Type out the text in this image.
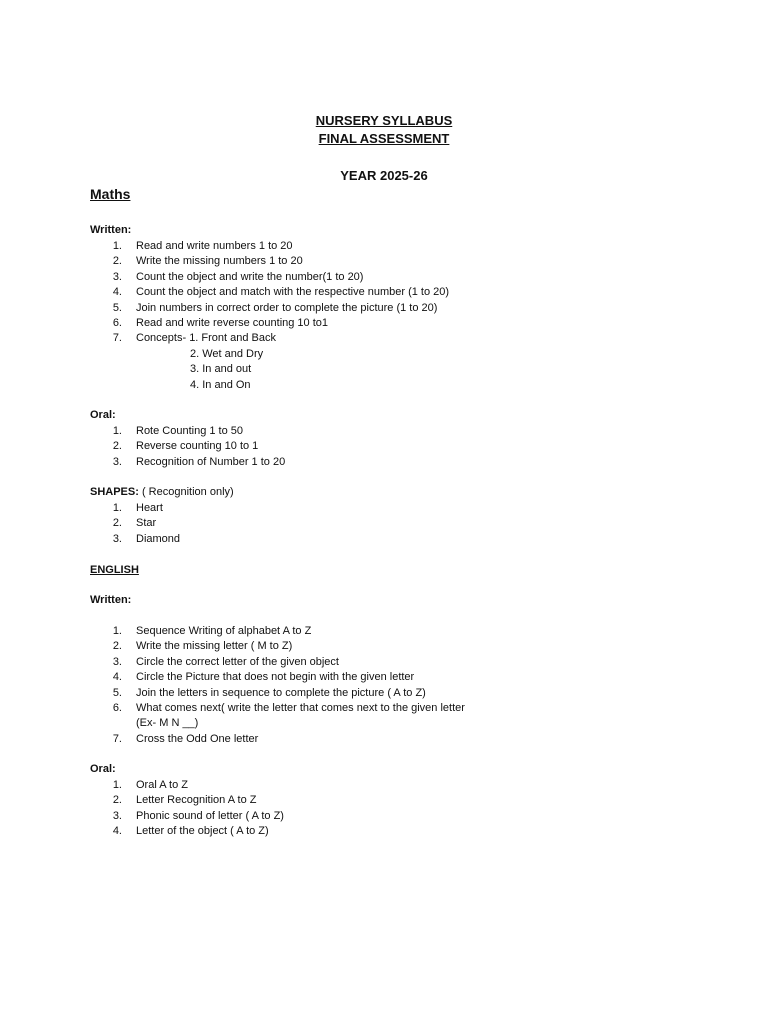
NURSERY SYLLABUS
FINAL ASSESSMENT
YEAR 2025-26
Maths
Written:
1. Read and write numbers 1 to 20
2. Write the missing numbers 1 to 20
3. Count the object and write the number(1 to 20)
4. Count the object and match with the respective number (1 to 20)
5. Join numbers in correct order to complete the picture (1 to 20)
6. Read and write reverse counting 10 to1
7. Concepts- 1. Front and Back
2. Wet and Dry
3. In and out
4. In and On
Oral:
1. Rote Counting 1 to 50
2. Reverse counting 10 to 1
3. Recognition of Number 1 to 20
SHAPES: ( Recognition only)
1. Heart
2. Star
3. Diamond
ENGLISH
Written:
1. Sequence Writing of alphabet A to Z
2. Write the missing letter ( M to Z)
3. Circle the correct letter of the given object
4. Circle the Picture that does not begin with the given letter
5. Join the letters in sequence to complete the picture ( A to Z)
6. What comes next( write the letter that comes next to the given letter
(Ex- M N __)
7. Cross the Odd One letter
Oral:
1. Oral A to Z
2. Letter Recognition A to Z
3. Phonic sound of letter ( A to Z)
4. Letter of the object ( A to Z)
